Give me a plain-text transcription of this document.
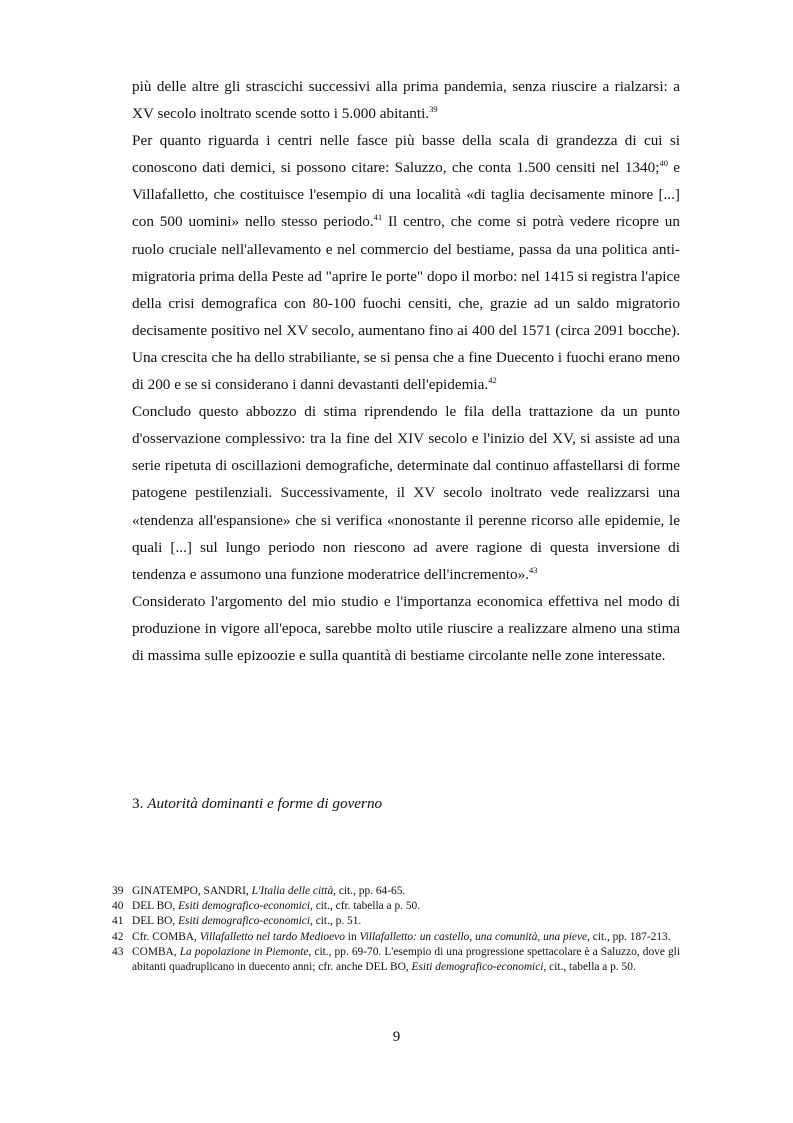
più delle altre gli strascichi successivi alla prima pandemia, senza riuscire a rialzarsi: a XV secolo inoltrato scende sotto i 5.000 abitanti.$^{39}$

Per quanto riguarda i centri nelle fasce più basse della scala di grandezza di cui si conoscono dati demici, si possono citare: Saluzzo, che conta 1.500 censiti nel 1340;$^{40}$ e Villafalletto, che costituisce l'esempio di una località «di taglia decisamente minore [...] con 500 uomini» nello stesso periodo.$^{41}$ Il centro, che come si potrà vedere ricopre un ruolo cruciale nell'allevamento e nel commercio del bestiame, passa da una politica anti-migratoria prima della Peste ad "aprire le porte" dopo il morbo: nel 1415 si registra l'apice della crisi demografica con 80-100 fuochi censiti, che, grazie ad un saldo migratorio decisamente positivo nel XV secolo, aumentano fino ai 400 del 1571 (circa 2091 bocche). Una crescita che ha dello strabiliante, se si pensa che a fine Duecento i fuochi erano meno di 200 e se si considerano i danni devastanti dell'epidemia.$^{42}$

Concludo questo abbozzo di stima riprendendo le fila della trattazione da un punto d'osservazione complessivo: tra la fine del XIV secolo e l'inizio del XV, si assiste ad una serie ripetuta di oscillazioni demografiche, determinate dal continuo affastellarsi di forme patogene pestilenziali. Successivamente, il XV secolo inoltrato vede realizzarsi una «tendenza all'espansione» che si verifica «nonostante il perenne ricorso alle epidemie, le quali [...] sul lungo periodo non riescono ad avere ragione di questa inversione di tendenza e assumono una funzione moderatrice dell'incremento».$^{43}$

Considerato l'argomento del mio studio e l'importanza economica effettiva nel modo di produzione in vigore all'epoca, sarebbe molto utile riuscire a realizzare almeno una stima di massima sulle epizoozie e sulla quantità di bestiame circolante nelle zone interessate.

3. Autorità dominanti e forme di governo
39 GINATEMPO, SANDRI, L'Italia delle città, cit., pp. 64-65.
40 DEL BO, Esiti demografico-economici, cit., cfr. tabella a p. 50.
41 DEL BO, Esiti demografico-economici, cit., p. 51.
42 Cfr. COMBA, Villafalletto nel tardo Medioevo in Villafalletto: un castello, una comunità, una pieve, cit., pp. 187-213.
43 COMBA, La popolazione in Piemonte, cit., pp. 69-70. L'esempio di una progressione spettacolare è a Saluzzo, dove gli abitanti quadruplicano in duecento anni; cfr. anche DEL BO, Esiti demografico-economici, cit., tabella a p. 50.
9
